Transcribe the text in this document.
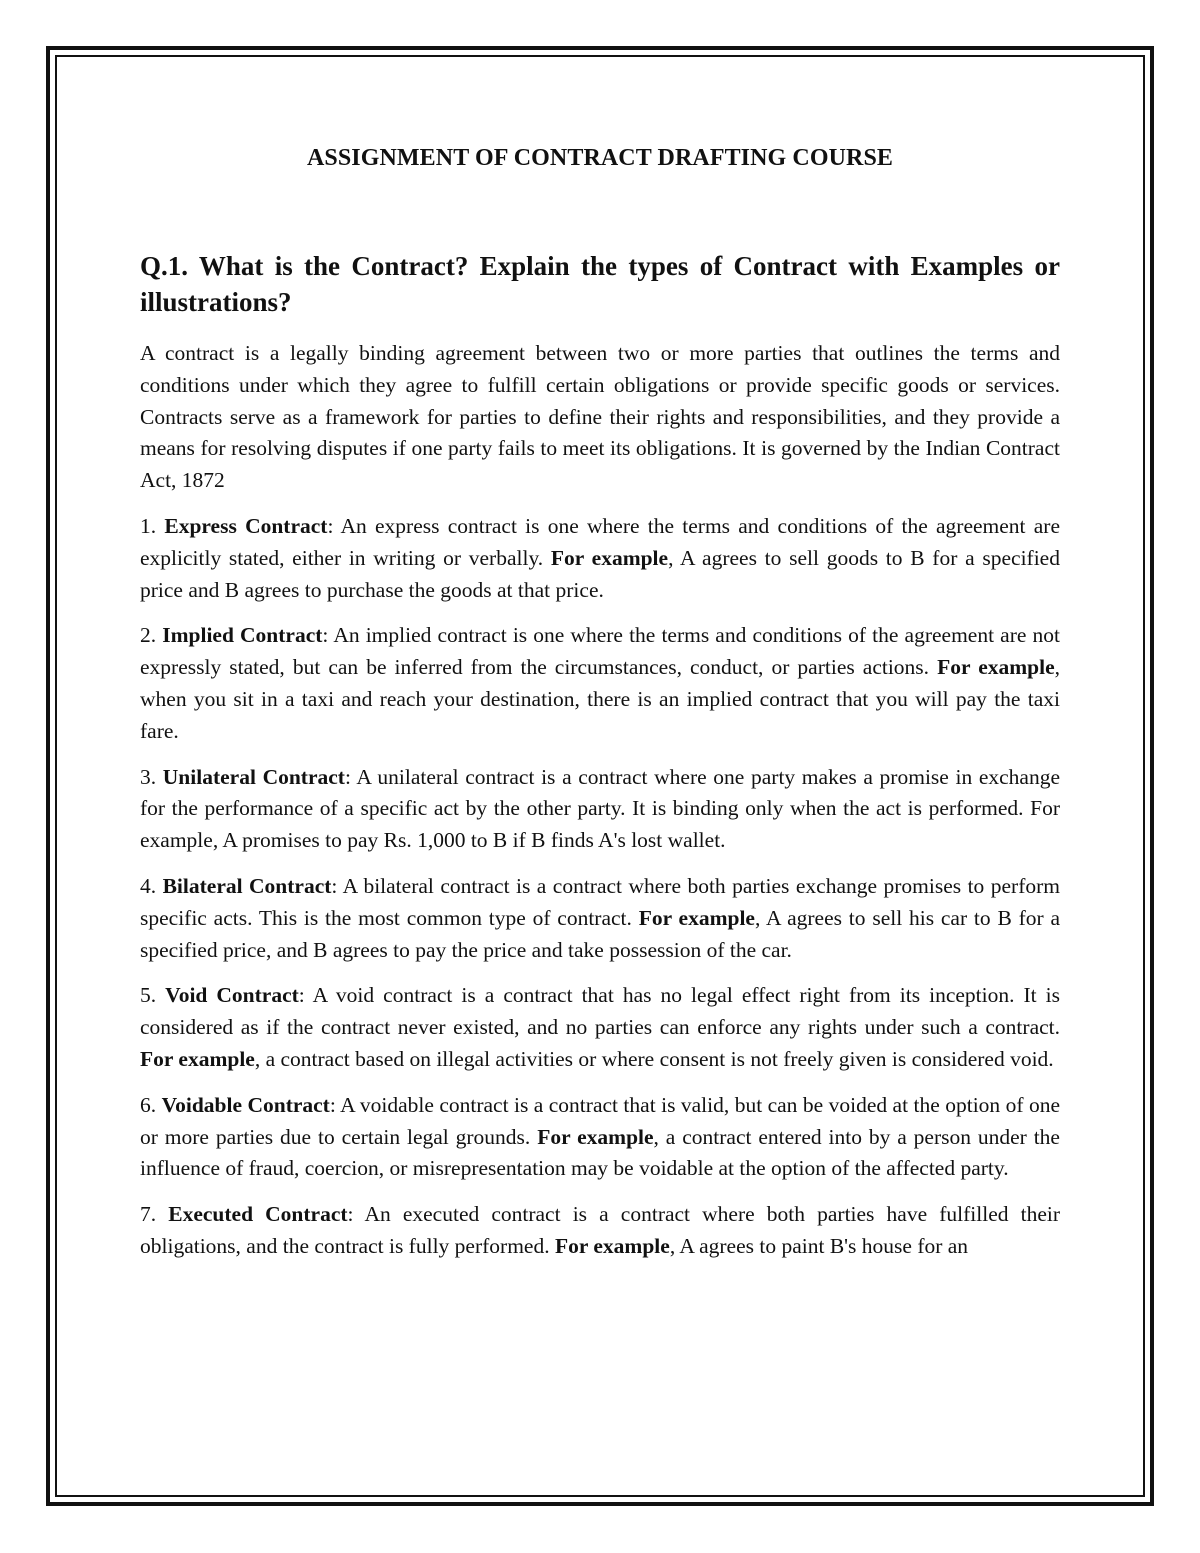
ASSIGNMENT OF CONTRACT DRAFTING COURSE
Q.1. What is the Contract? Explain the types of Contract with Examples or illustrations?

A contract is a legally binding agreement between two or more parties that outlines the terms and conditions under which they agree to fulfill certain obligations or provide specific goods or services. Contracts serve as a framework for parties to define their rights and responsibilities, and they provide a means for resolving disputes if one party fails to meet its obligations. It is governed by the Indian Contract Act, 1872

1. Express Contract: An express contract is one where the terms and conditions of the agreement are explicitly stated, either in writing or verbally. For example, A agrees to sell goods to B for a specified price and B agrees to purchase the goods at that price.

2. Implied Contract: An implied contract is one where the terms and conditions of the agreement are not expressly stated, but can be inferred from the circumstances, conduct, or parties actions. For example, when you sit in a taxi and reach your destination, there is an implied contract that you will pay the taxi fare.

3. Unilateral Contract: A unilateral contract is a contract where one party makes a promise in exchange for the performance of a specific act by the other party. It is binding only when the act is performed. For example, A promises to pay Rs. 1,000 to B if B finds A's lost wallet.

4. Bilateral Contract: A bilateral contract is a contract where both parties exchange promises to perform specific acts. This is the most common type of contract. For example, A agrees to sell his car to B for a specified price, and B agrees to pay the price and take possession of the car.

5. Void Contract: A void contract is a contract that has no legal effect right from its inception. It is considered as if the contract never existed, and no parties can enforce any rights under such a contract. For example, a contract based on illegal activities or where consent is not freely given is considered void.

6. Voidable Contract: A voidable contract is a contract that is valid, but can be voided at the option of one or more parties due to certain legal grounds. For example, a contract entered into by a person under the influence of fraud, coercion, or misrepresentation may be voidable at the option of the affected party.

7. Executed Contract: An executed contract is a contract where both parties have fulfilled their obligations, and the contract is fully performed. For example, A agrees to paint B's house for an
